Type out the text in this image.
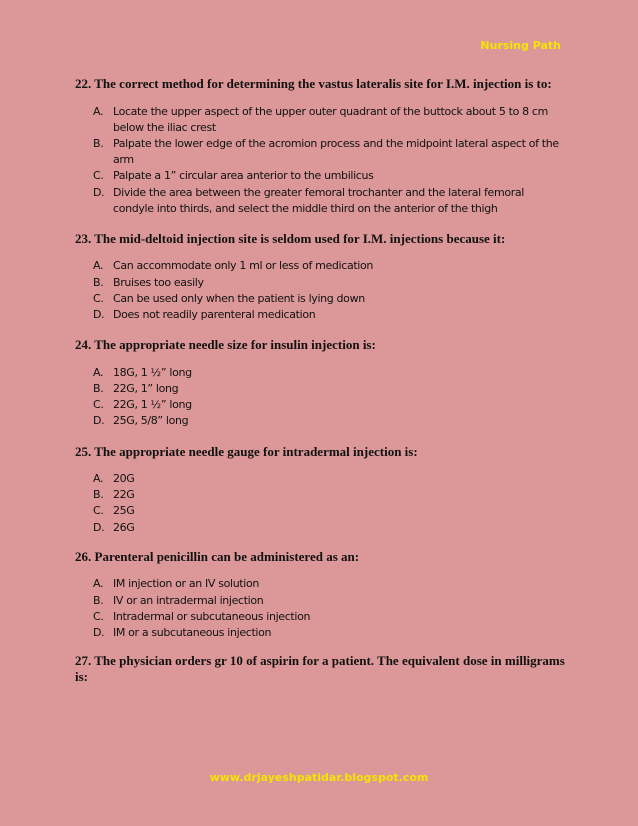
Nursing Path

22. The correct method for determining the vastus lateralis site for I.M. injection is to:

A. Locate the upper aspect of the upper outer quadrant of the buttock about 5 to 8 cm below the iliac crest
B. Palpate the lower edge of the acromion process and the midpoint lateral aspect of the arm
C. Palpate a 1” circular area anterior to the umbilicus
D. Divide the area between the greater femoral trochanter and the lateral femoral condyle into thirds, and select the middle third on the anterior of the thigh

23. The mid-deltoid injection site is seldom used for I.M. injections because it:

A. Can accommodate only 1 ml or less of medication
B. Bruises too easily
C. Can be used only when the patient is lying down
D. Does not readily parenteral medication

24. The appropriate needle size for insulin injection is:

A. 18G, 1 ½” long
B. 22G, 1” long
C. 22G, 1 ½” long
D. 25G, 5/8” long

25. The appropriate needle gauge for intradermal injection is:

A. 20G
B. 22G
C. 25G
D. 26G

26. Parenteral penicillin can be administered as an:

A. IM injection or an IV solution
B. IV or an intradermal injection
C. Intradermal or subcutaneous injection
D. IM or a subcutaneous injection

27. The physician orders gr 10 of aspirin for a patient. The equivalent dose in milligrams is:

www.drjayeshpatidar.blogspot.com
